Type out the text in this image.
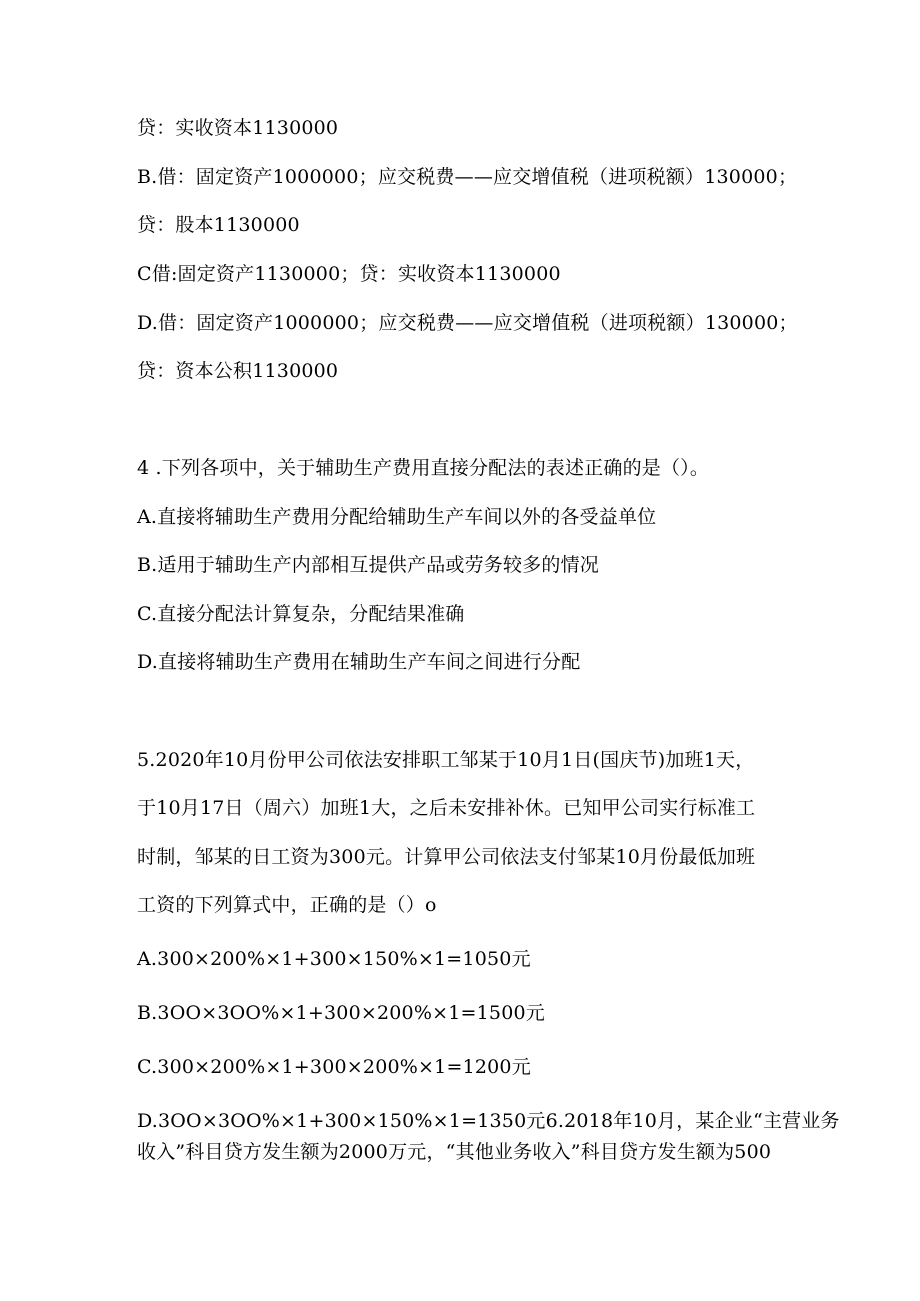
贷：实收资本1130000
B.借：固定资产1000000；应交税费——应交增值税（进项税额）130000；
贷：股本1130000
C借:固定资产1130000；贷：实收资本1130000
D.借：固定资产1000000；应交税费——应交增值税（进项税额）130000；
贷：资本公积1130000
4 .下列各项中，关于辅助生产费用直接分配法的表述正确的是（）。
A.直接将辅助生产费用分配给辅助生产车间以外的各受益单位
B.适用于辅助生产内部相互提供产品或劳务较多的情况
C.直接分配法计算复杂，分配结果准确
D.直接将辅助生产费用在辅助生产车间之间进行分配
5.2020年10月份甲公司依法安排职工邹某于10月1日(国庆节)加班1天，
于10月17日（周六）加班1大，之后未安排补休。已知甲公司实行标准工
时制，邹某的日工资为300元。计算甲公司依法支付邹某10月份最低加班
工资的下列算式中，正确的是（）o
A.300×200%×1+300×150%×1=1050元
B.3OO×3OO%×1+300×200%×1=1500元
C.300×200%×1+300×200%×1=1200元
D.3OO×3OO%×1+300×150%×1=1350元6.2018年10月，某企业“主营业务
收入”科目贷方发生额为2000万元，“其他业务收入”科目贷方发生额为500
